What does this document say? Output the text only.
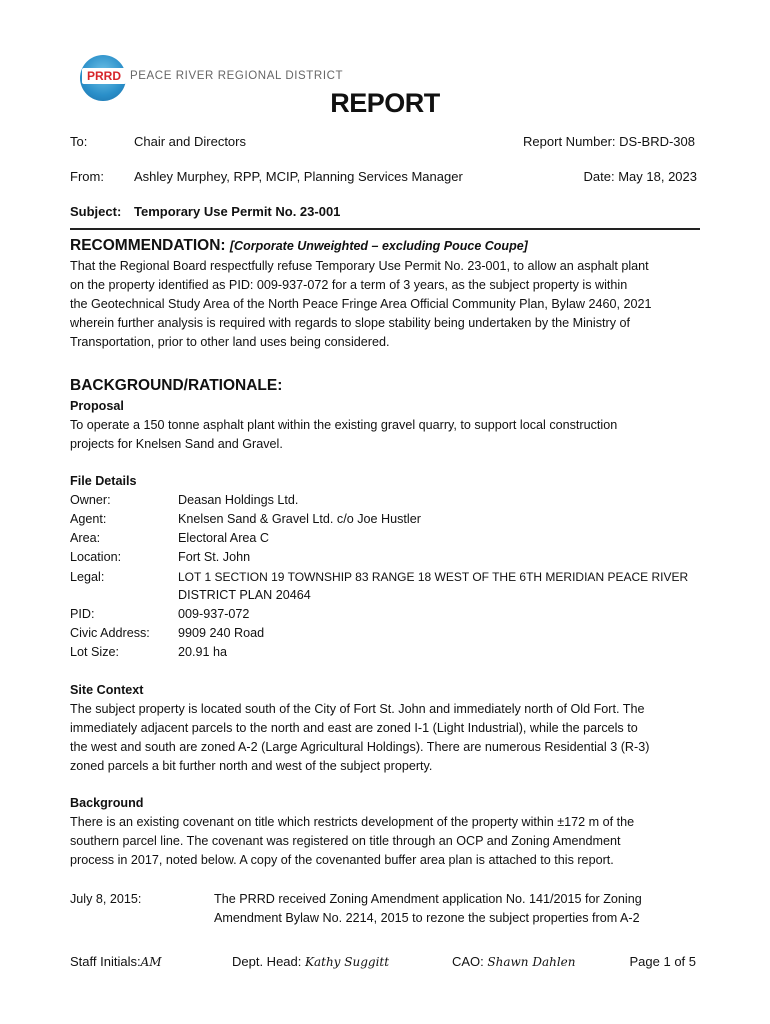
PRRD PEACE RIVER REGIONAL DISTRICT
REPORT
To:	Chair and Directors	Report Number: DS-BRD-308
From: Ashley Murphey, RPP, MCIP, Planning Services Manager	Date: May 18, 2023
Subject: Temporary Use Permit No. 23-001
RECOMMENDATION: [Corporate Unweighted – excluding Pouce Coupe]
That the Regional Board respectfully refuse Temporary Use Permit No. 23-001, to allow an asphalt plant
on the property identified as PID: 009-937-072 for a term of 3 years, as the subject property is within
the Geotechnical Study Area of the North Peace Fringe Area Official Community Plan, Bylaw 2460, 2021
wherein further analysis is required with regards to slope stability being undertaken by the Ministry of
Transportation, prior to other land uses being considered.
BACKGROUND/RATIONALE:
Proposal
To operate a 150 tonne asphalt plant within the existing gravel quarry, to support local construction
projects for Knelsen Sand and Gravel.
File Details
Owner:	Deasan Holdings Ltd.
Agent:	Knelsen Sand & Gravel Ltd. c/o Joe Hustler
Area:	Electoral Area C
Location:	Fort St. John
Legal:	LOT 1 SECTION 19 TOWNSHIP 83 RANGE 18 WEST OF THE 6TH MERIDIAN PEACE RIVER
DISTRICT PLAN 20464
PID:	009-937-072
Civic Address: 9909 240 Road
Lot Size:	20.91 ha
Site Context
The subject property is located south of the City of Fort St. John and immediately north of Old Fort. The
immediately adjacent parcels to the north and east are zoned I-1 (Light Industrial), while the parcels to
the west and south are zoned A-2 (Large Agricultural Holdings). There are numerous Residential 3 (R-3)
zoned parcels a bit further north and west of the subject property.
Background
There is an existing covenant on title which restricts development of the property within ±172 m of the
southern parcel line. The covenant was registered on title through an OCP and Zoning Amendment
process in 2017, noted below. A copy of the covenanted buffer area plan is attached to this report.
July 8, 2015:	The PRRD received Zoning Amendment application No. 141/2015 for Zoning
Amendment Bylaw No. 2214, 2015 to rezone the subject properties from A-2
Staff Initials:AM	Dept. Head: Kathy Suggitt	CAO: Shawn Dahlen	Page 1 of 5
